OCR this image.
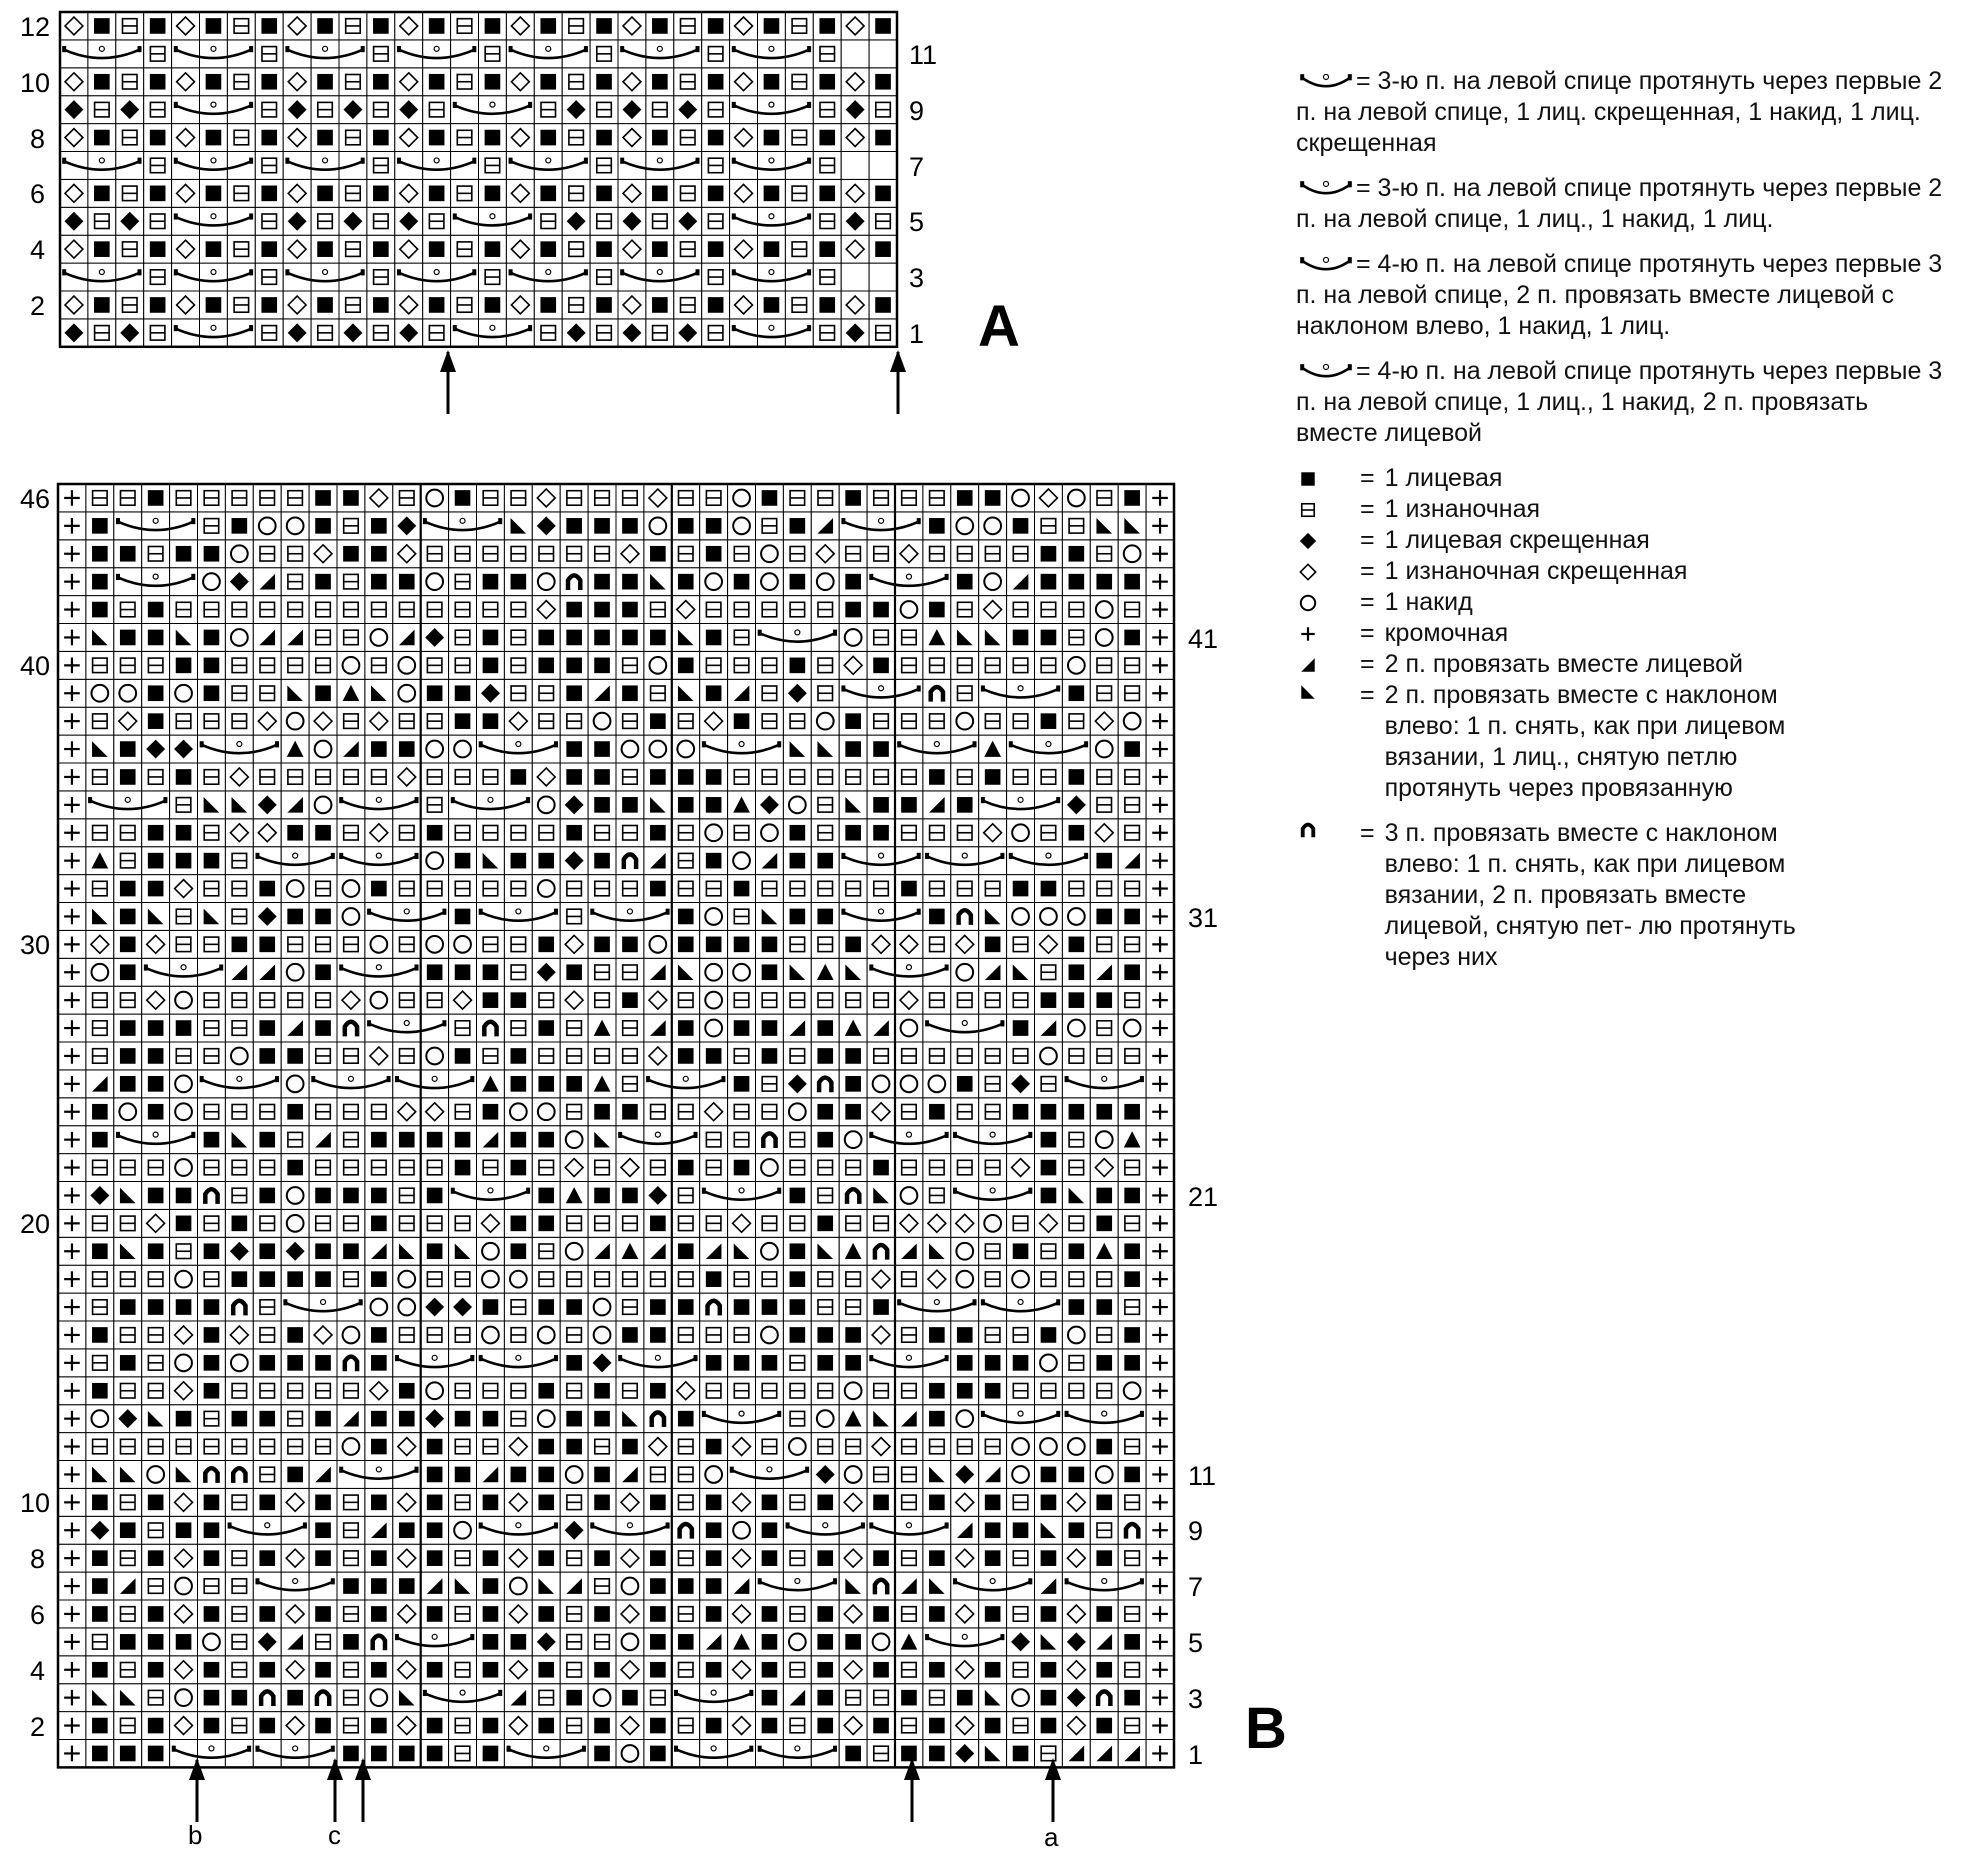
A
B
b	c	a
2
4
6
8
10
12
1
3
5
7
9
11
2
4
6
8
10
20
30
40
46
1
3
5
7
9
11
21
31
41
= 3-ю п. на левой спице протянуть через первые 2 п. на левой спице, 1 лиц. скрещенная, 1 накид, 1 лиц. скрещенная
= 3-ю п. на левой спице протянуть через первые 2 п. на левой спице, 1 лиц., 1 накид, 1 лиц.
= 4-ю п. на левой спице протянуть через первые 3 п. на левой спице, 2 п. провязать вместе лицевой с наклоном влево, 1 накид, 1 лиц.
= 4-ю п. на левой спице протянуть через первые 3 п. на левой спице, 1 лиц., 1 накид, 2 п. провязать вместе лицевой
= 1 лицевая
= 1 изнаночная
= 1 лицевая скрещенная
= 1 изнаночная скрещенная
= 1 накид
= кромочная
= 2 п. провязать вместе лицевой
= 2 п. провязать вместе с наклоном влево: 1 п. снять, как при лицевом вязании, 1 лиц., снятую петлю протянуть через провязанную
= 3 п. провязать вместе с наклоном влево: 1 п. снять, как при лицевом вязании, 2 п. провязать вместе лицевой, снятую пет- лю протянуть через них
